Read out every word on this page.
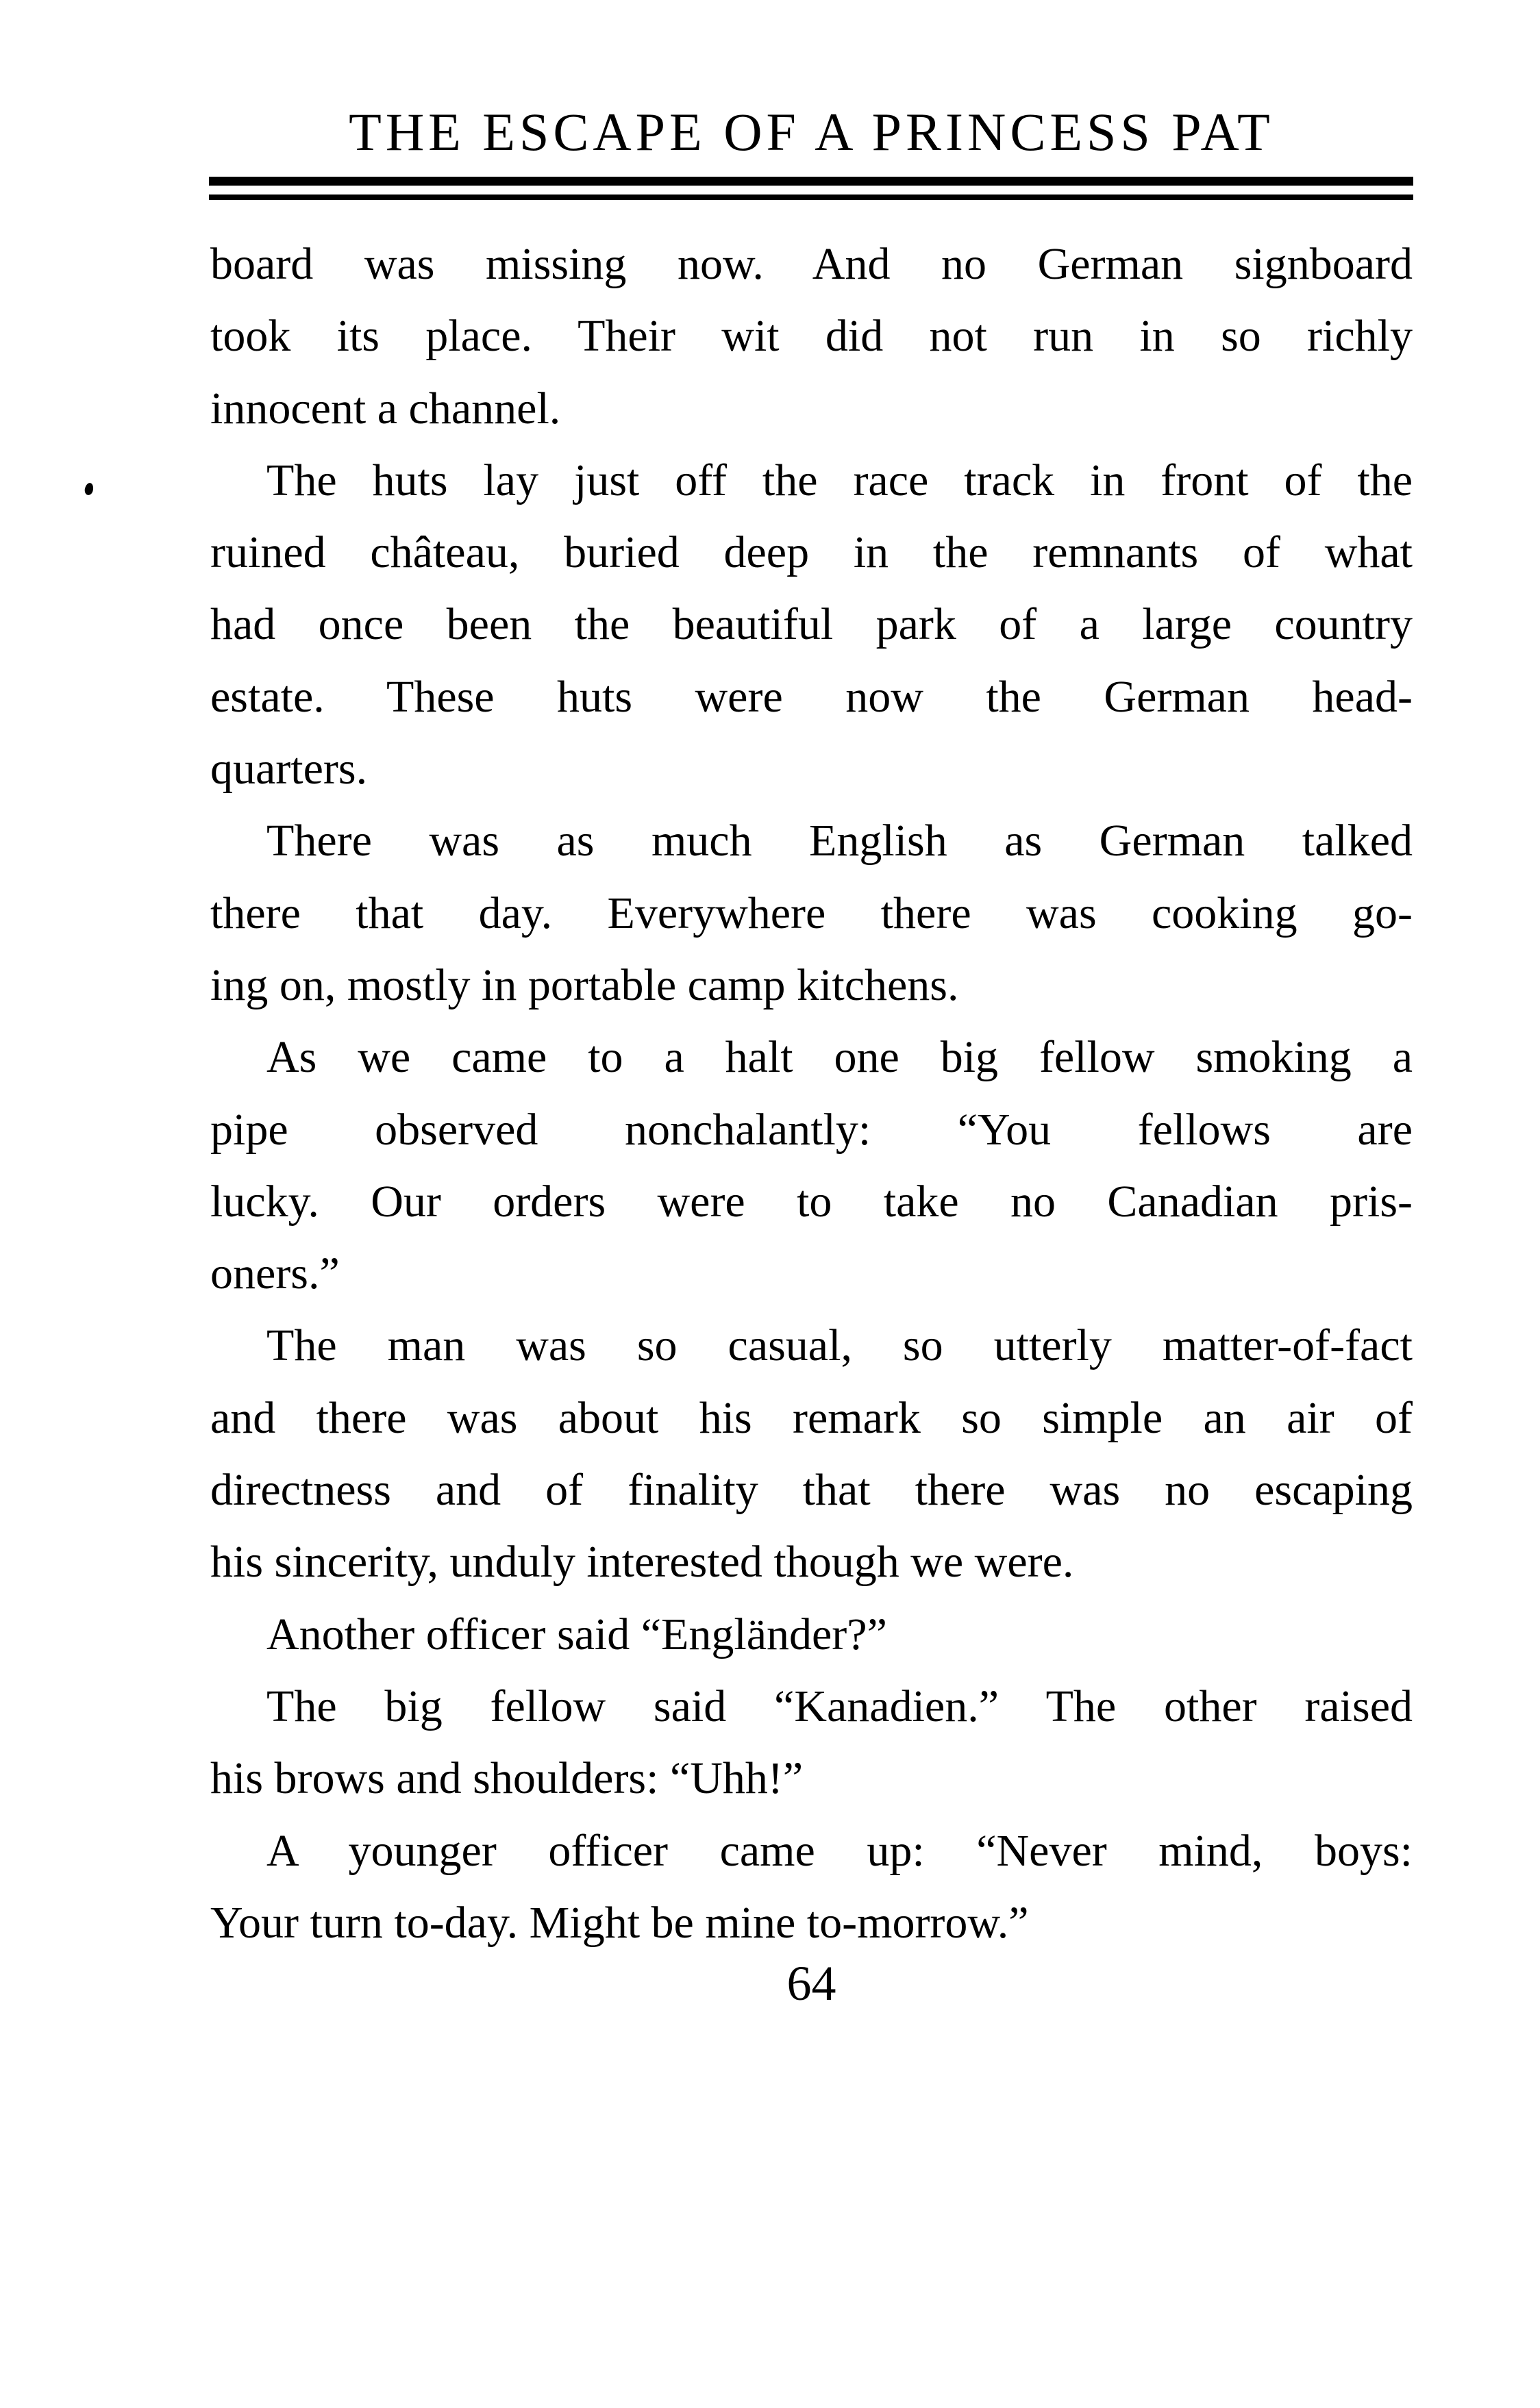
THE ESCAPE OF A PRINCESS PAT

board was missing now. And no German signboard
took its place. Their wit did not run in so richly
innocent a channel.

The huts lay just off the race track in front of the
ruined château, buried deep in the remnants of what
had once been the beautiful park of a large country
estate. These huts were now the German head-
quarters.

There was as much English as German talked
there that day. Everywhere there was cooking go-
ing on, mostly in portable camp kitchens.

As we came to a halt one big fellow smoking a
pipe observed nonchalantly: “You fellows are
lucky. Our orders were to take no Canadian pris-
oners.”

The man was so casual, so utterly matter-of-fact
and there was about his remark so simple an air of
directness and of finality that there was no escaping
his sincerity, unduly interested though we were.

Another officer said “Engländer?”

The big fellow said “Kanadien.” The other raised
his brows and shoulders: “Uhh!”

A younger officer came up: “Never mind, boys:
Your turn to-day. Might be mine to-morrow.”

64
